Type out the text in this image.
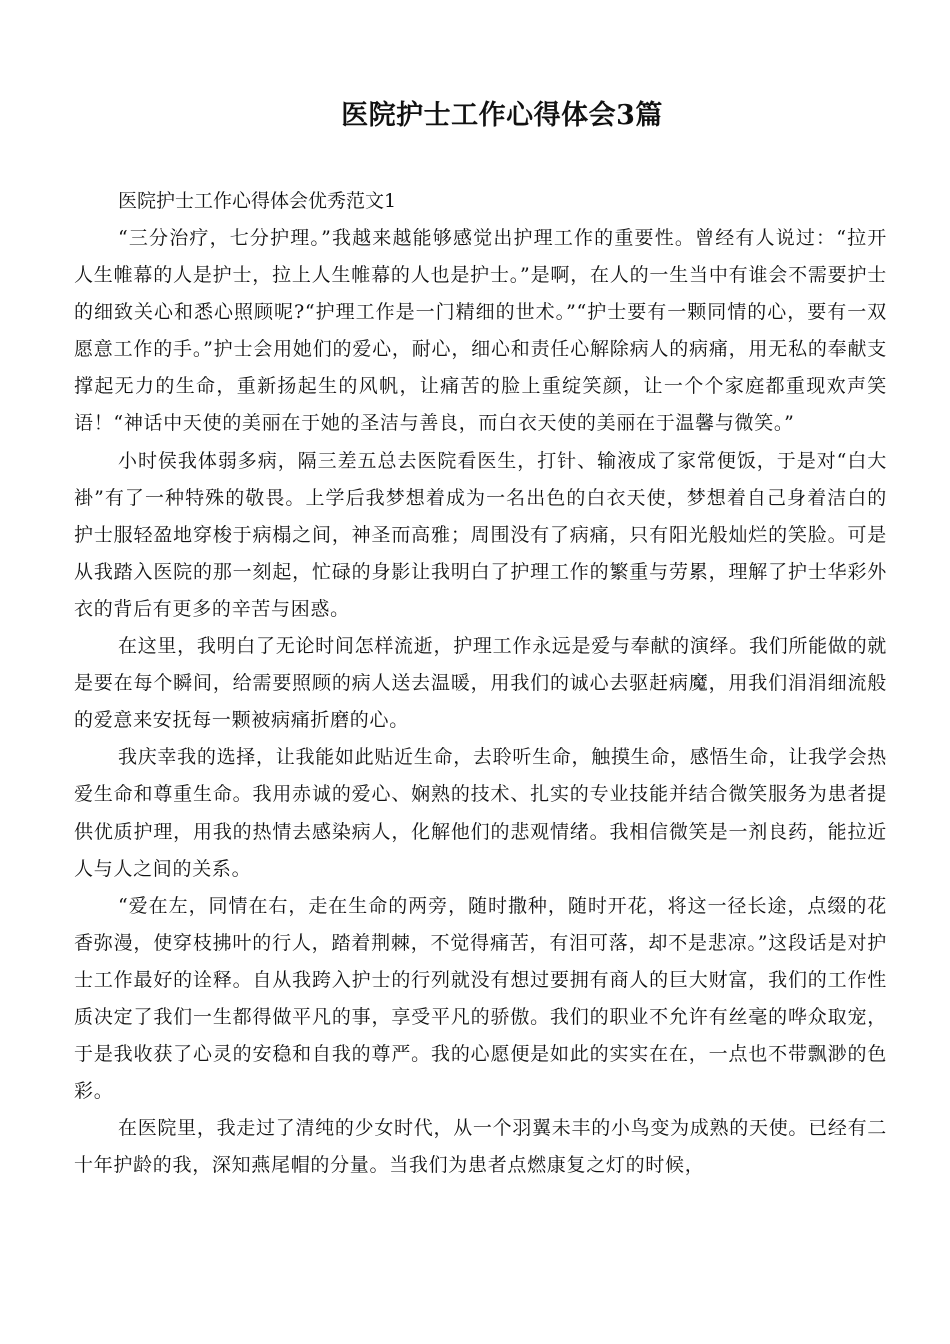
医院护士工作心得体会3篇

医院护士工作心得体会优秀范文1

“三分治疗，七分护理。”我越来越能够感觉出护理工作的重要性。曾经有人说过：“拉开人生帷幕的人是护士，拉上人生帷幕的人也是护士。”是啊，在人的一生当中有谁会不需要护士的细致关心和悉心照顾呢?“护理工作是一门精细的世术。”“护士要有一颗同情的心，要有一双愿意工作的手。”护士会用她们的爱心，耐心，细心和责任心解除病人的病痛，用无私的奉献支撑起无力的生命，重新扬起生的风帆，让痛苦的脸上重绽笑颜，让一个个家庭都重现欢声笑语！“神话中天使的美丽在于她的圣洁与善良，而白衣天使的美丽在于温馨与微笑。”

小时侯我体弱多病，隔三差五总去医院看医生，打针、输液成了家常便饭，于是对“白大褂”有了一种特殊的敬畏。上学后我梦想着成为一名出色的白衣天使，梦想着自己身着洁白的护士服轻盈地穿梭于病榻之间，神圣而高雅；周围没有了病痛，只有阳光般灿烂的笑脸。可是从我踏入医院的那一刻起，忙碌的身影让我明白了护理工作的繁重与劳累，理解了护士华彩外衣的背后有更多的辛苦与困惑。

在这里，我明白了无论时间怎样流逝，护理工作永远是爱与奉献的演绎。我们所能做的就是要在每个瞬间，给需要照顾的病人送去温暖，用我们的诚心去驱赶病魔，用我们涓涓细流般的爱意来安抚每一颗被病痛折磨的心。

我庆幸我的选择，让我能如此贴近生命，去聆听生命，触摸生命，感悟生命，让我学会热爱生命和尊重生命。我用赤诚的爱心、娴熟的技术、扎实的专业技能并结合微笑服务为患者提供优质护理，用我的热情去感染病人，化解他们的悲观情绪。我相信微笑是一剂良药，能拉近人与人之间的关系。

“爱在左，同情在右，走在生命的两旁，随时撒种，随时开花，将这一径长途，点缀的花香弥漫，使穿枝拂叶的行人，踏着荆棘，不觉得痛苦，有泪可落，却不是悲凉。”这段话是对护士工作最好的诠释。自从我跨入护士的行列就没有想过要拥有商人的巨大财富，我们的工作性质决定了我们一生都得做平凡的事，享受平凡的骄傲。我们的职业不允许有丝毫的哗众取宠，于是我收获了心灵的安稳和自我的尊严。我的心愿便是如此的实实在在，一点也不带飘渺的色彩。

在医院里，我走过了清纯的少女时代，从一个羽翼未丰的小鸟变为成熟的天使。已经有二十年护龄的我，深知燕尾帽的分量。当我们为患者点燃康复之灯的时候，
